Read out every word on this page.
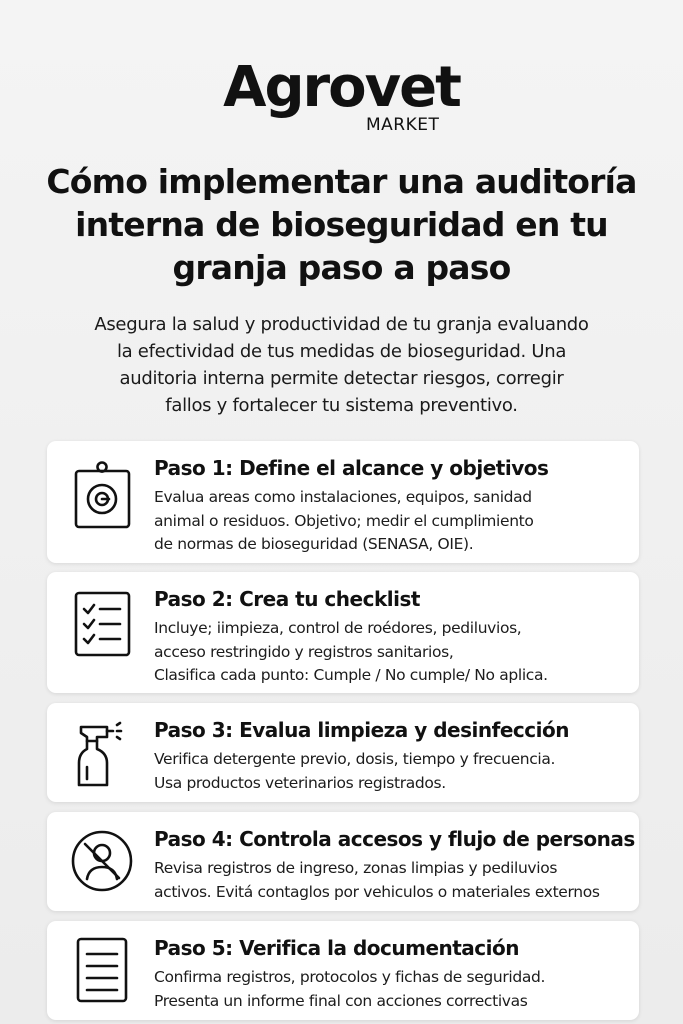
Agrovet
MARKET
Cómo implementar una auditoría
interna de bioseguridad en tu
granja paso a paso

Asegura la salud y productividad de tu granja evaluando
la efectividad de tus medidas de bioseguridad. Una
auditoria interna permite detectar riesgos, corregir
fallos y fortalecer tu sistema preventivo.

Paso 1: Define el alcance y objetivos

Evalua areas como instalaciones, equipos, sanidad
animal o residuos. Objetivo; medir el cumplimiento
de normas de bioseguridad (SENASA, OIE).

Paso 2: Crea tu checklist

Incluye; iimpieza, control de roédores, pediluvios,
acceso restringido y registros sanitarios,
Clasifica cada punto: Cumple / No cumple/ No aplica.

Paso 3: Evalua limpieza y desinfección

Verifica detergente previo, dosis, tiempo y frecuencia.
Usa productos veterinarios registrados.

Paso 4: Controla accesos y flujo de personas

Revisa registros de ingreso, zonas limpias y pediluvios
activos. Evitá contaglos por vehiculos o materiales externos

Paso 5: Verifica la documentación

Confirma registros, protocolos y fichas de seguridad.
Presenta un informe final con acciones correctivas
